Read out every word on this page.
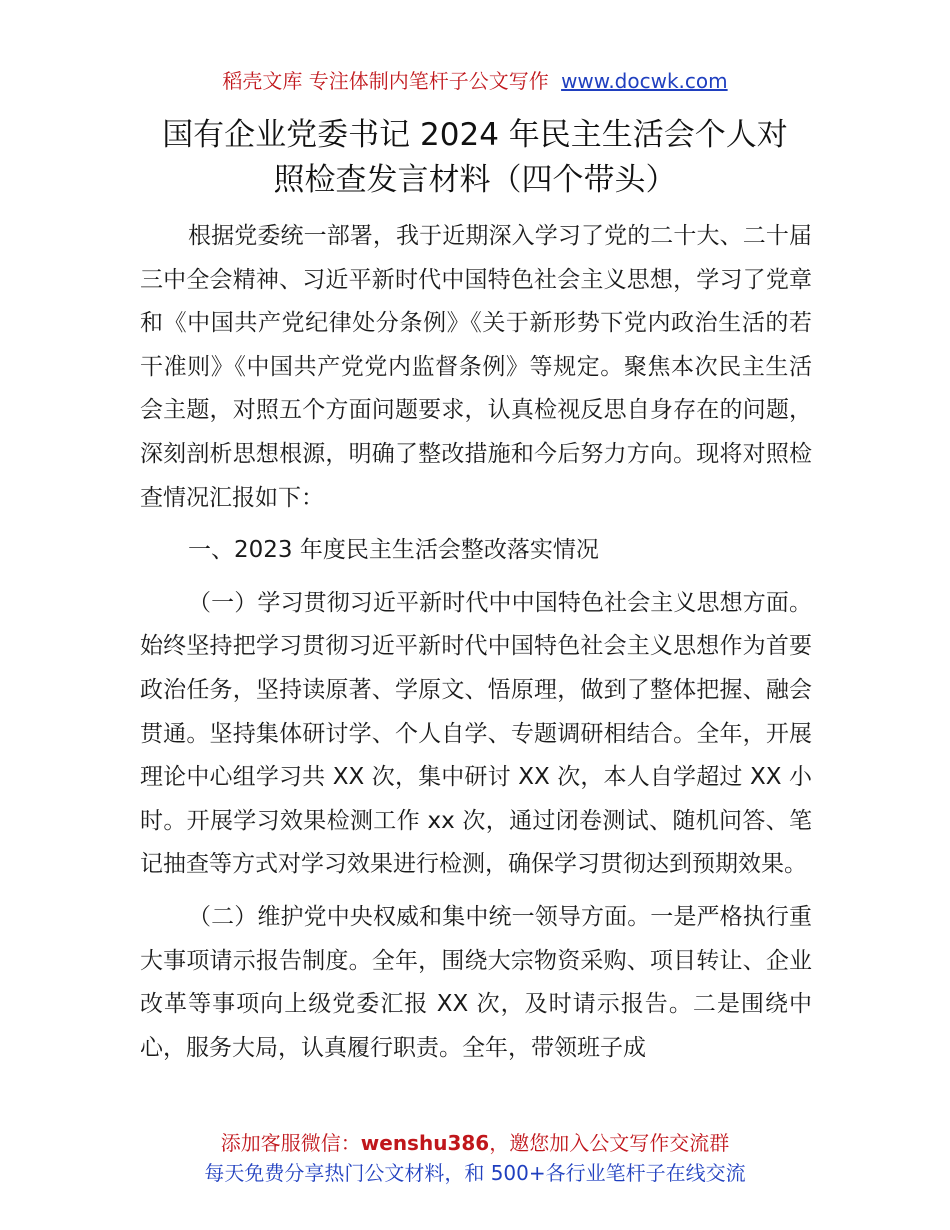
稻壳文库 专注体制内笔杆子公文写作 www.docwk.com
国有企业党委书记 2024 年民主生活会个人对
照检查发言材料（四个带头）

根据党委统一部署，我于近期深入学习了党的二十大、二十届三中全会精神、习近平新时代中国特色社会主义思想，学习了党章和《中国共产党纪律处分条例》《关于新形势下党内政治生活的若干准则》《中国共产党党内监督条例》等规定。聚焦本次民主生活会主题，对照五个方面问题要求，认真检视反思自身存在的问题，深刻剖析思想根源，明确了整改措施和今后努力方向。现将对照检查情况汇报如下：

一、2023 年度民主生活会整改落实情况

（一）学习贯彻习近平新时代中中国特色社会主义思想方面。始终坚持把学习贯彻习近平新时代中国特色社会主义思想作为首要政治任务，坚持读原著、学原文、悟原理，做到了整体把握、融会贯通。坚持集体研讨学、个人自学、专题调研相结合。全年，开展理论中心组学习共 XX 次，集中研讨 XX 次，本人自学超过 XX 小时。开展学习效果检测工作 xx 次，通过闭卷测试、随机问答、笔记抽查等方式对学习效果进行检测，确保学习贯彻达到预期效果。

（二）维护党中央权威和集中统一领导方面。一是严格执行重大事项请示报告制度。全年，围绕大宗物资采购、项目转让、企业改革等事项向上级党委汇报 XX 次，及时请示报告。二是围绕中心，服务大局，认真履行职责。全年，带领班子成

添加客服微信：wenshu386，邀您加入公文写作交流群
每天免费分享热门公文材料，和 500+各行业笔杆子在线交流
